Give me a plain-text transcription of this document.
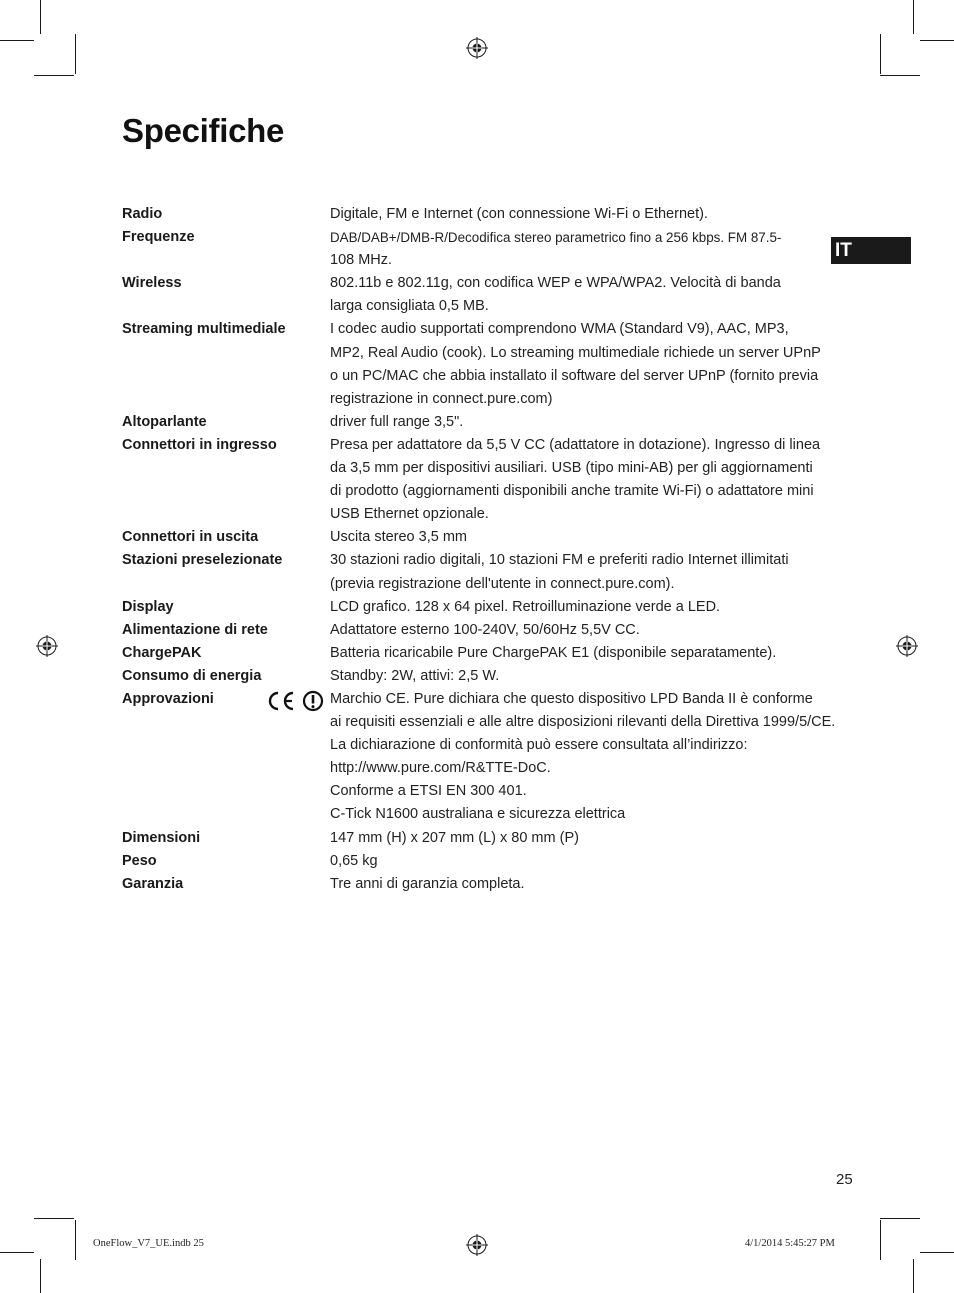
Specifiche
IT
Radio	Digitale, FM e Internet (con connessione Wi-Fi o Ethernet).
Frequenze	DAB/DAB+/DMB-R/Decodifica stereo parametrico fino a 256 kbps. FM 87.5-
108 MHz.
Wireless	802.11b e 802.11g, con codifica WEP e WPA/WPA2. Velocità di banda
larga consigliata 0,5 MB.
Streaming multimediale	I codec audio supportati comprendono WMA (Standard V9), AAC, MP3,
MP2, Real Audio (cook). Lo streaming multimediale richiede un server UPnP
o un PC/MAC che abbia installato il software del server UPnP (fornito previa
registrazione in connect.pure.com)
Altoparlante	driver full range 3,5".
Connettori in ingresso	Presa per adattatore da 5,5 V CC (adattatore in dotazione). Ingresso di linea
da 3,5 mm per dispositivi ausiliari. USB (tipo mini-AB) per gli aggiornamenti
di prodotto (aggiornamenti disponibili anche tramite Wi-Fi) o adattatore mini
USB Ethernet opzionale.
Connettori in uscita	Uscita stereo 3,5 mm
Stazioni preselezionate	30 stazioni radio digitali, 10 stazioni FM e preferiti radio Internet illimitati
(previa registrazione dell'utente in connect.pure.com).
Display	LCD grafico. 128 x 64 pixel. Retroilluminazione verde a LED.
Alimentazione di rete	Adattatore esterno 100-240V, 50/60Hz 5,5V CC.
ChargePAK	Batteria ricaricabile Pure ChargePAK E1 (disponibile separatamente).
Consumo di energia	Standby: 2W, attivi: 2,5 W.
Approvazioni	Marchio CE. Pure dichiara che questo dispositivo LPD Banda II è conforme
ai requisiti essenziali e alle altre disposizioni rilevanti della Direttiva 1999/5/CE.
La dichiarazione di conformità può essere consultata all’indirizzo:
http://www.pure.com/R&TTE-DoC.
Conforme a ETSI EN 300 401.
C-Tick N1600 australiana e sicurezza elettrica
Dimensioni	147 mm (H) x 207 mm (L) x 80 mm (P)
Peso	0,65 kg
Garanzia	Tre anni di garanzia completa.
25
OneFlow_V7_UE.indb 25	4/1/2014 5:45:27 PM
